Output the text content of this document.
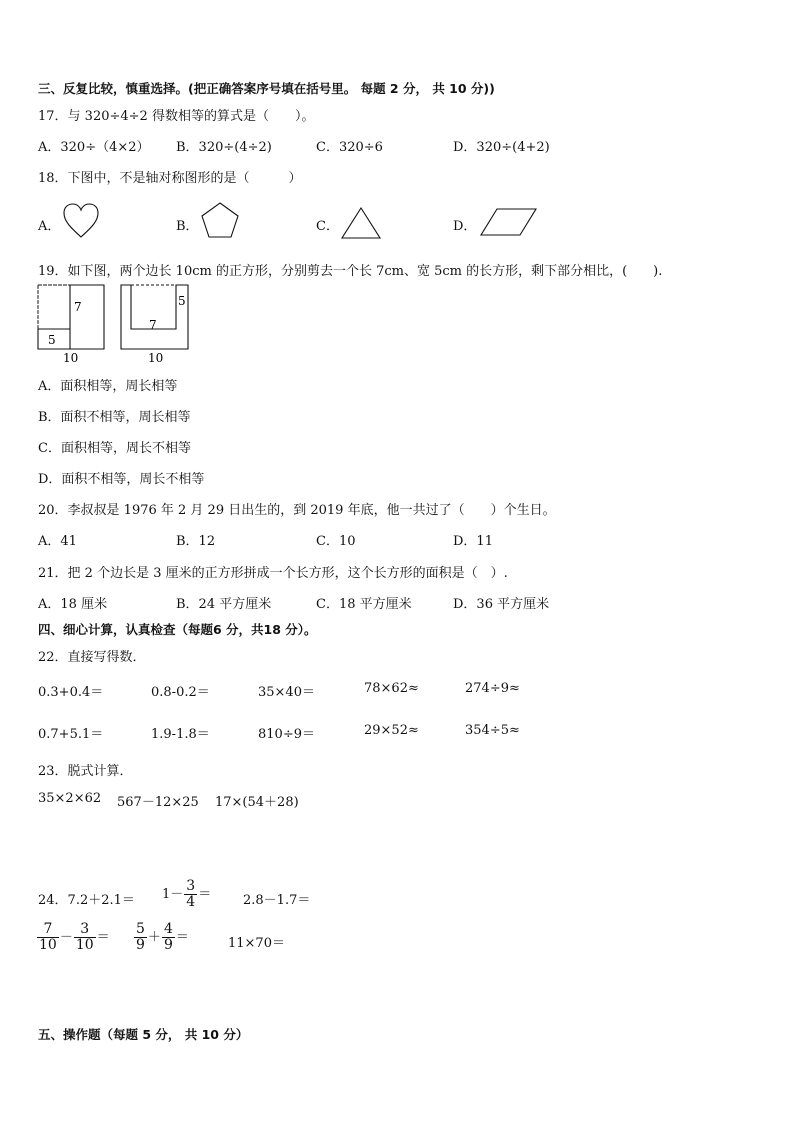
三、反复比较，慎重选择。(把正确答案序号填在括号里。 每题 2 分， 共 10 分))
17．与 320÷4÷2 得数相等的算式是（　　）。
A．320÷（4×2） B．320÷(4÷2)	C．320÷6	D．320÷(4+2)
18．下图中，不是轴对称图形的是（　　　）
A．	B．	C．	D．
19．如下图，两个边长 10cm 的正方形，分别剪去一个长 7cm、宽 5cm 的长方形，剩下部分相比，(　　).
7
5
10
5
7
10
A．面积相等，周长相等
B．面积不相等，周长相等
C．面积相等，周长不相等
D．面积不相等，周长不相等
20．李叔叔是 1976 年 2 月 29 日出生的，到 2019 年底，他一共过了（　　）个生日。
A．41	B．12	C．10	D．11
21．把 2 个边长是 3 厘米的正方形拼成一个长方形，这个长方形的面积是（　）.
A．18 厘米	B．24 平方厘米	C．18 平方厘米	D．36 平方厘米
四、细心计算，认真检查（每题6 分，共18 分）。
22．直接写得数．
0.3+0.4＝	0.8-0.2＝	35×40＝	78×62≈	274÷9≈
0.7+5.1＝	1.9-1.8＝	810÷9＝	29×52≈	354÷5≈
23．脱式计算．
35×2×62 567－12×25 17×(54＋28)
24．$7.2+2.1= 1- \frac{3}{4} = 2.8-1.7=$
$\frac{7}{10} - \frac{3}{10} = \frac{5}{9} + \frac{4}{9}$ ＝	11×70＝
五、操作题（每题 5 分， 共 10 分）
